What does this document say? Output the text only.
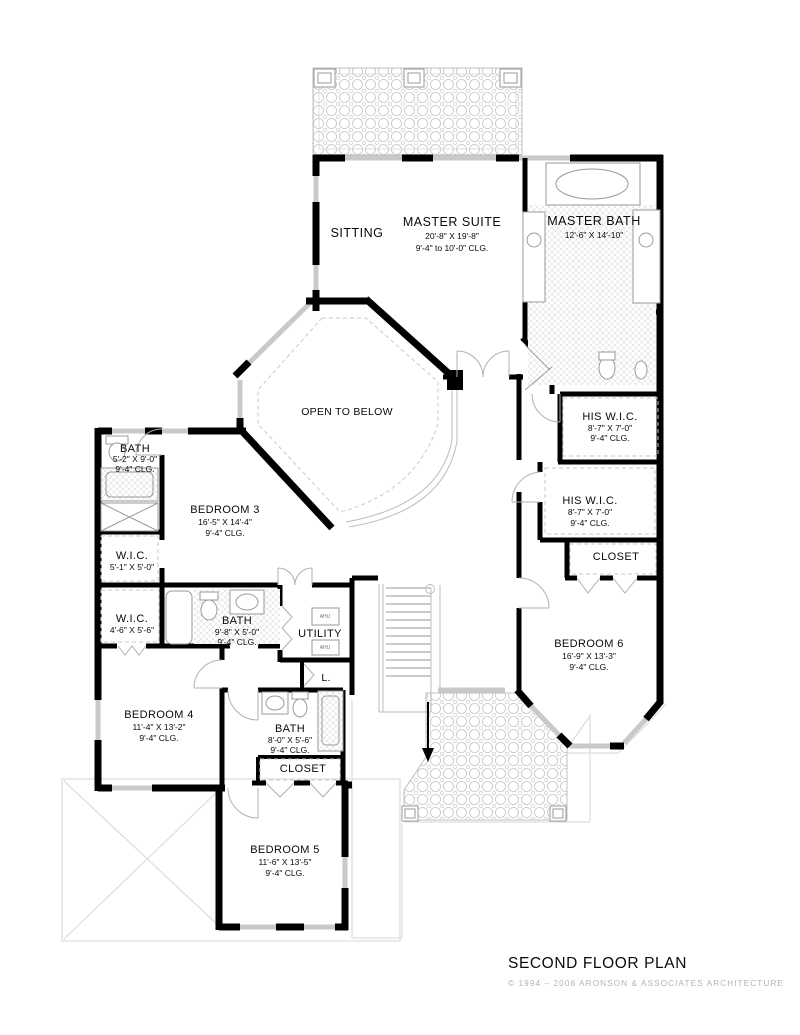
SITTING
MASTER SUITE
20'-8" X 19'-8"
9'-4" to 10'-0" CLG.
MASTER BATH
12'-6" X 14'-10"
HIS W.I.C.
8'-7" X 7'-0"
9'-4" CLG.
HIS W.I.C.
8'-7" X 7'-0"
9'-4" CLG.
CLOSET
BEDROOM 6
16'-9" X 13'-3"
9'-4" CLG.
OPEN TO BELOW
BATH
5'-2" X 9'-0"
9'-4" CLG.
BEDROOM 3
16'-5" X 14'-4"
9'-4" CLG.
W.I.C.
5'-1" X 5'-0"
W.I.C.
4'-6" X 5'-6"
BATH
9'-8" X 5'-0"
9'-4" CLG.
UTILITY
AHU
AHU
L.
BEDROOM 4
11'-4" X 13'-2"
9'-4" CLG.
BATH
8'-0" X 5'-6"
9'-4" CLG.
CLOSET
BEDROOM 5
11'-6" X 13'-5"
9'-4" CLG.
SECOND FLOOR PLAN
© 1994 – 2006 ARONSON & ASSOCIATES ARCHITECTURE
